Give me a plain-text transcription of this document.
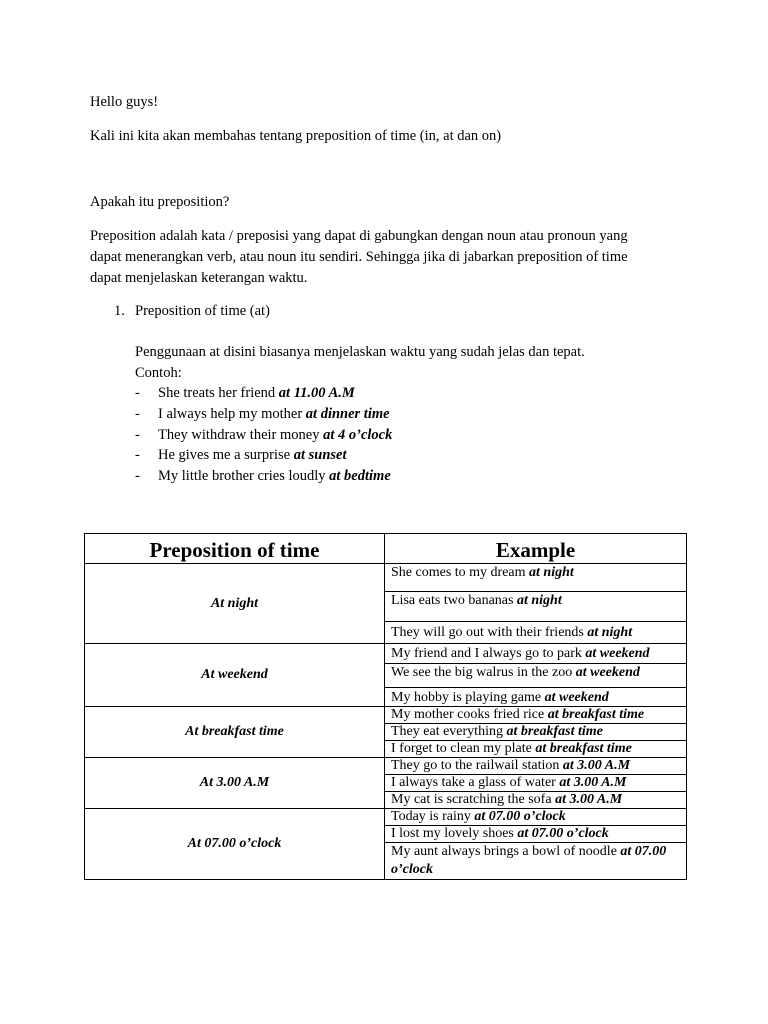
Hello guys!
Kali ini kita akan membahas tentang preposition of time (in, at dan on)
Apakah itu preposition?
Preposition adalah kata / preposisi yang dapat di gabungkan dengan noun atau pronoun yang
dapat menerangkan verb, atau noun itu sendiri. Sehingga jika di jabarkan preposition of time
dapat menjelaskan keterangan waktu.
1. Preposition of time (at)
Penggunaan at disini biasanya menjelaskan waktu yang sudah jelas dan tepat.
Contoh:
- She treats her friend at 11.00 A.M
- I always help my mother at dinner time
- They withdraw their money at 4 o’clock
- He gives me a surprise at sunset
- My little brother cries loudly at bedtime
Preposition of time	Example
At night	She comes to my dream at night
	Lisa eats two bananas at night
	They will go out with their friends at night
At weekend	My friend and I always go to park at weekend
	We see the big walrus in the zoo at weekend
	My hobby is playing game at weekend
At breakfast time	My mother cooks fried rice at breakfast time
	They eat everything at breakfast time
	I forget to clean my plate at breakfast time
At 3.00 A.M	They go to the railwail station at 3.00 A.M
	I always take a glass of water at 3.00 A.M
	My cat is scratching the sofa at 3.00 A.M
At 07.00 o’clock	Today is rainy at 07.00 o’clock
	I lost my lovely shoes at 07.00 o’clock
	My aunt always brings a bowl of noodle at 07.00 o’clock
